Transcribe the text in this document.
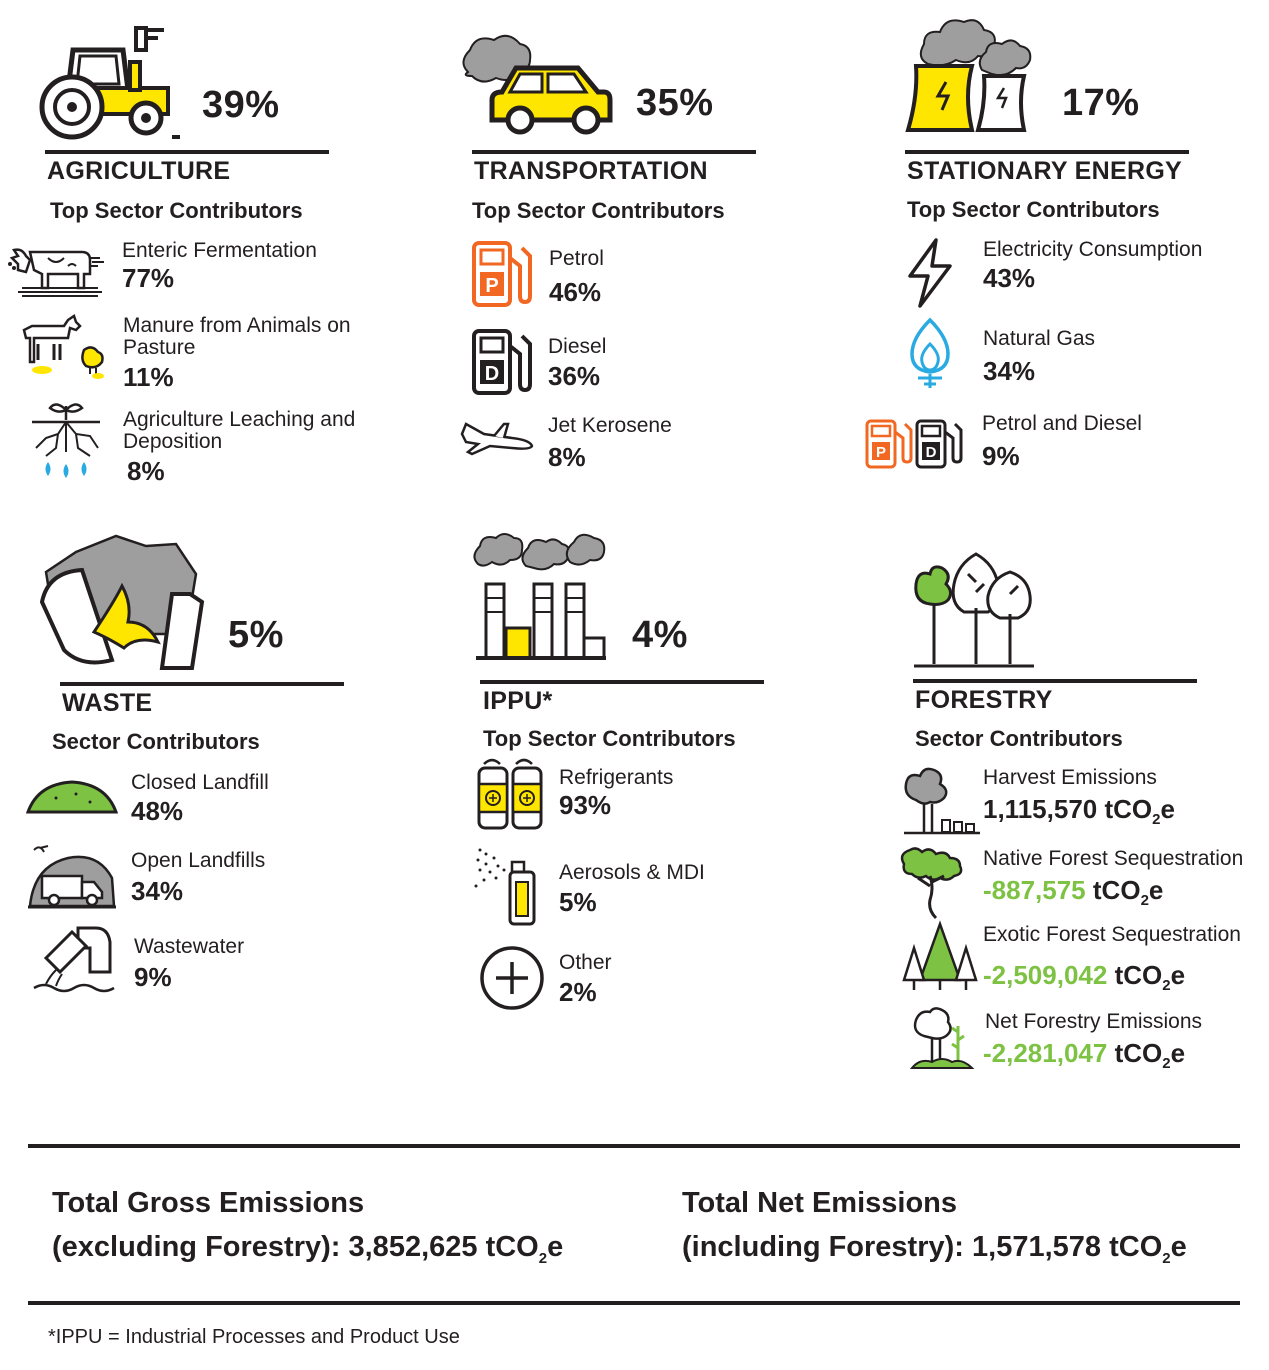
39%
AGRICULTURE
Top Sector Contributors
Enteric Fermentation
77%
Manure from Animals on Pasture
11%
Agriculture Leaching and Deposition
8%
35%
TRANSPORTATION
Top Sector Contributors
P
Petrol
46%
D
Diesel
36%
Jet Kerosene
8%
17%
STATIONARY ENERGY
Top Sector Contributors
Electricity Consumption
43%
Natural Gas
34%
P	D
Petrol and Diesel
9%
5%
WASTE
Sector Contributors
Closed Landfill
48%
Open Landfills
34%
Wastewater
9%
4%
IPPU*
Top Sector Contributors
Refrigerants
93%
Aerosols & MDI
5%
Other
2%
FORESTRY
Sector Contributors
Harvest Emissions
1,115,570 tCO$_2$e
Native Forest Sequestration
-887,575 tCO$_2$e
Exotic Forest Sequestration
-2,509,042 tCO$_2$e
Net Forestry Emissions
-2,281,047 tCO$_2$e
Total Gross Emissions
(excluding Forestry): 3,852,625 tCO$_2$e
Total Net Emissions
(including Forestry): 1,571,578 tCO$_2$e
*IPPU = Industrial Processes and Product Use
